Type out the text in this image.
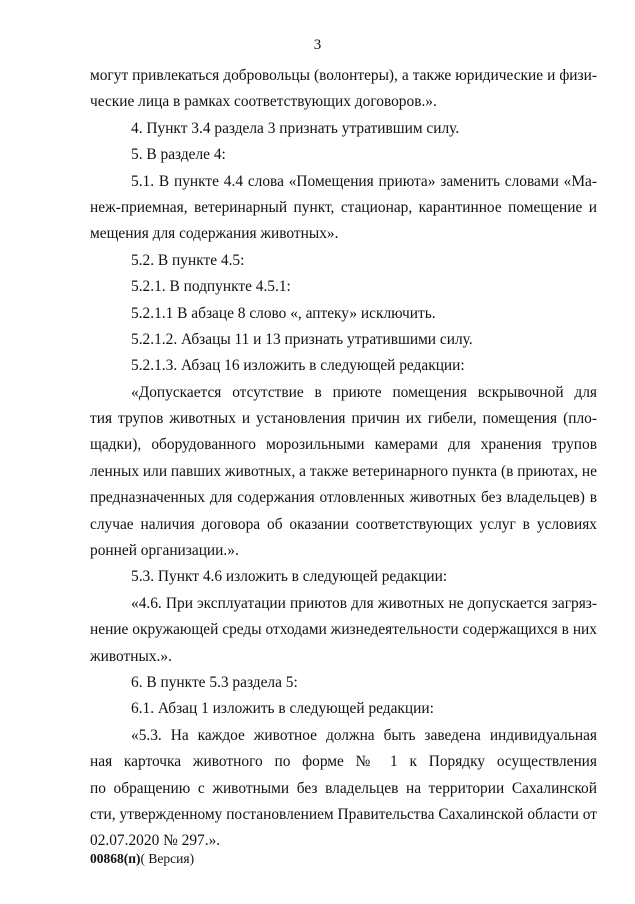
3
могут привлекаться добровольцы (волонтеры), а также юридические и физи-
ческие лица в рамках соответствующих договоров.».
4. Пункт 3.4 раздела 3 признать утратившим силу.
5. В разделе 4:
5.1. В пункте 4.4 слова «Помещения приюта» заменить словами «Ма-
неж-приемная, ветеринарный пункт, стационар, карантинное помещение и
мещения для содержания животных».
5.2. В пункте 4.5:
5.2.1. В подпункте 4.5.1:
5.2.1.1 В абзаце 8 слово «, аптеку» исключить.
5.2.1.2. Абзацы 11 и 13 признать утратившими силу.
5.2.1.3. Абзац 16 изложить в следующей редакции:
«Допускается отсутствие в приюте помещения вскрывочной для
тия трупов животных и установления причин их гибели, помещения (пло-
щадки), оборудованного морозильными камерами для хранения трупов
ленных или павших животных, а также ветеринарного пункта (в приютах, не
предназначенных для содержания отловленных животных без владельцев) в
случае наличия договора об оказании соответствующих услуг в условиях
ронней организации.».
5.3. Пункт 4.6 изложить в следующей редакции:
«4.6. При эксплуатации приютов для животных не допускается загряз-
нение окружающей среды отходами жизнедеятельности содержащихся в них
животных.».
6. В пункте 5.3 раздела 5:
6.1. Абзац 1 изложить в следующей редакции:
«5.3. На каждое животное должна быть заведена индивидуальная
ная карточка животного по форме № 1 к Порядку осуществления
по обращению с животными без владельцев на территории Сахалинской
сти, утвержденному постановлением Правительства Сахалинской области от
02.07.2020 № 297.».
00868(п)( Версия)
